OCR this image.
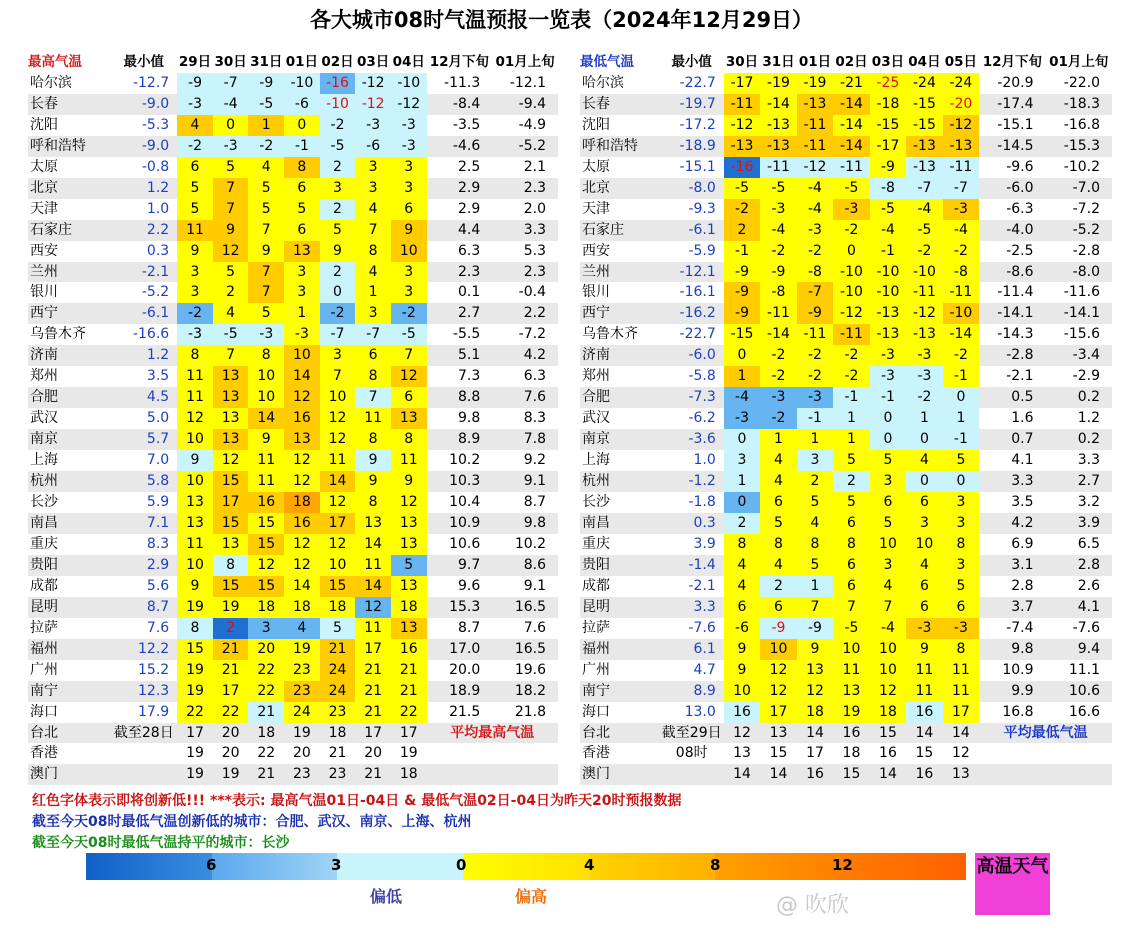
各大城市08时气温预报一览表（2024年12月29日）
最高气温	最小值	29日	30日	31日	01日	02日	03日	04日	12月下旬	01月上旬
哈尔滨	-12.7	-9	-7	-9	-10	-16	-12	-10	-11.3	-12.1
长春	-9.0	-3	-4	-5	-6	-10	-12	-12	-8.4	-9.4
沈阳	-5.3	4	0	1	0	-2	-3	-3	-3.5	-4.9
呼和浩特	-9.0	-2	-3	-2	-1	-5	-6	-3	-4.6	-5.2
太原	-0.8	6	5	4	8	2	3	3	2.5	2.1
北京	1.2	5	7	5	6	3	3	3	2.9	2.3
天津	1.0	5	7	5	5	2	4	6	2.9	2.0
石家庄	2.2	11	9	7	6	5	7	9	4.4	3.3
西安	0.3	9	12	9	13	9	8	10	6.3	5.3
兰州	-2.1	3	5	7	3	2	4	3	2.3	2.3
银川	-5.2	3	2	7	3	0	1	3	0.1	-0.4
西宁	-6.1	-2	4	5	1	-2	3	-2	2.7	2.2
乌鲁木齐	-16.6	-3	-5	-3	-3	-7	-7	-5	-5.5	-7.2
济南	1.2	8	7	8	10	3	6	7	5.1	4.2
郑州	3.5	11	13	10	14	7	8	12	7.3	6.3
合肥	4.5	11	13	10	12	10	7	6	8.8	7.6
武汉	5.0	12	13	14	16	12	11	13	9.8	8.3
南京	5.7	10	13	9	13	12	8	8	8.9	7.8
上海	7.0	9	12	11	12	11	9	11	10.2	9.2
杭州	5.8	10	15	11	12	14	9	9	10.3	9.1
长沙	5.9	13	17	16	18	12	8	12	10.4	8.7
南昌	7.1	13	15	15	16	17	13	13	10.9	9.8
重庆	8.3	11	13	15	12	12	14	13	10.6	10.2
贵阳	2.9	10	8	12	12	10	11	5	9.7	8.6
成都	5.6	9	15	15	14	15	14	13	9.6	9.1
昆明	8.7	19	19	18	18	18	12	18	15.3	16.5
拉萨	7.6	8	2	3	4	5	11	13	8.7	7.6
福州	12.2	15	21	20	19	21	17	16	17.0	16.5
广州	15.2	19	21	22	23	24	21	21	20.0	19.6
南宁	12.3	19	17	22	23	24	21	21	18.9	18.2
海口	17.9	22	22	21	24	23	21	22	21.5	21.8
台北	截至28日	17	20	18	19	18	17	17	平均最高气温	
香港		19	20	22	20	21	20	19		
澳门		19	19	21	23	23	21	18		
最低气温	最小值	30日	31日	01日	02日	03日	04日	05日	12月下旬	01月上旬
哈尔滨	-22.7	-17	-19	-19	-21	-25	-24	-24	-20.9	-22.0
长春	-19.7	-11	-14	-13	-14	-18	-15	-20	-17.4	-18.3
沈阳	-17.2	-12	-13	-11	-14	-15	-15	-12	-15.1	-16.8
呼和浩特	-18.9	-13	-13	-11	-14	-17	-13	-13	-14.5	-15.3
太原	-15.1	-16	-11	-12	-11	-9	-13	-11	-9.6	-10.2
北京	-8.0	-5	-5	-4	-5	-8	-7	-7	-6.0	-7.0
天津	-9.3	-2	-3	-4	-3	-5	-4	-3	-6.3	-7.2
石家庄	-6.1	2	-4	-3	-2	-4	-5	-4	-4.0	-5.2
西安	-5.9	-1	-2	-2	0	-1	-2	-2	-2.5	-2.8
兰州	-12.1	-9	-9	-8	-10	-10	-10	-8	-8.6	-8.0
银川	-16.1	-9	-8	-7	-10	-10	-11	-11	-11.4	-11.6
西宁	-16.2	-9	-11	-9	-12	-13	-12	-10	-14.1	-14.1
乌鲁木齐	-22.7	-15	-14	-11	-11	-13	-13	-14	-14.3	-15.6
济南	-6.0	0	-2	-2	-2	-3	-3	-2	-2.8	-3.4
郑州	-5.8	1	-2	-2	-2	-3	-3	-1	-2.1	-2.9
合肥	-7.3	-4	-3	-3	-1	-1	-2	0	0.5	0.2
武汉	-6.2	-3	-2	-1	1	0	1	1	1.6	1.2
南京	-3.6	0	1	1	1	0	0	-1	0.7	0.2
上海	1.0	3	4	3	5	5	4	5	4.1	3.3
杭州	-1.2	1	4	2	2	3	0	0	3.3	2.7
长沙	-1.8	0	6	5	5	6	6	3	3.5	3.2
南昌	0.3	2	5	4	6	5	3	3	4.2	3.9
重庆	3.9	8	8	8	8	10	10	8	6.9	6.5
贵阳	-1.4	4	4	5	6	3	4	3	3.1	2.8
成都	-2.1	4	2	1	6	4	6	5	2.8	2.6
昆明	3.3	6	6	7	7	7	6	6	3.7	4.1
拉萨	-7.6	-6	-9	-9	-5	-4	-3	-3	-7.4	-7.6
福州	6.1	9	10	9	10	10	9	8	9.8	9.4
广州	4.7	9	12	13	11	10	11	11	10.9	11.1
南宁	8.9	10	12	12	13	12	11	11	9.9	10.6
海口	13.0	16	17	18	19	18	16	17	16.8	16.6
台北	截至29日	12	13	14	16	15	14	14	平均最低气温	
香港	08时	13	15	17	18	16	15	12		
澳门		14	14	16	15	14	16	13		
红色字体表示即将创新低!!! ***表示: 最高气温01日-04日 & 最低气温02日-04日为昨天20时预报数据
截至今天08时最低气温创新低的城市：合肥、武汉、南京、上海、杭州
截至今天08时最低气温持平的城市：长沙
6	3	0	4	8	12
偏低	偏高
高温天气
@ 吹欣
